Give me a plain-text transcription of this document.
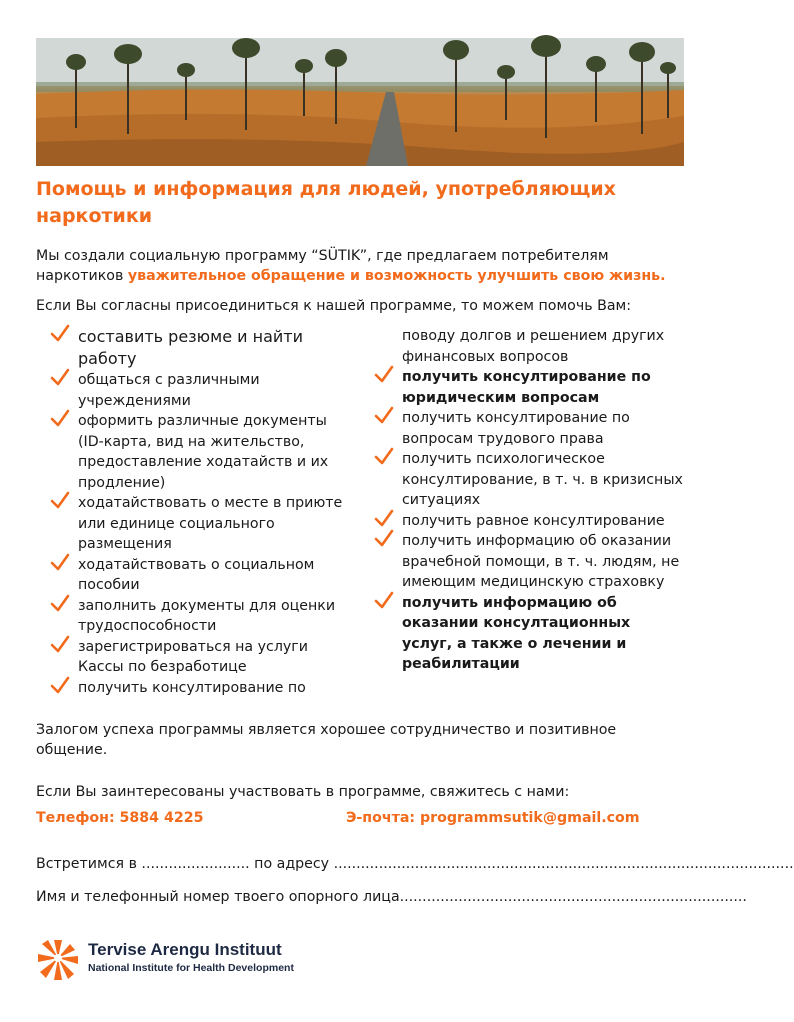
Помощь и информация для людей, употребляющих наркотики
Мы создали социальную программу “SÜTIK”, где предлагаем потребителям наркотиков уважительное обращение и возможность улучшить свою жизнь.
Если Вы согласны присоединиться к нашей программе, то можем помочь Вам:
составить резюме и найти работу
общаться с различными учреждениями
оформить различные документы (ID-карта, вид на жительство, предоставление ходатайств и их продление)
ходатайствовать о месте в приюте или единице социального размещения
ходатайствовать о социальном пособии
заполнить документы для оценки трудоспособности
зарегистрироваться на услуги Кассы по безработице
получить консултирование по
поводу долгов и решением других финансовых вопросов
получить консултирование по юридическим вопросам
получить консултирование по вопросам трудового права
получить психологическое консултирование, в т. ч. в кризисных ситуациях
получить равное консултирование
получить информацию об оказании врачебной помощи, в т. ч. людям, не имеющим медицинскую страховку
получить информацию об оказании консултационных услуг, а также о лечении и реабилитации
Залогом успеха программы является хорошее сотрудничество и позитивное общение.
Если Вы заинтересованы участвовать в программе, свяжитесь с нами:
Телефон: 5884 4225	Э-почта: programmsutik@gmail.com
Встретимся в ........................ по адресу ......................................................................................................
Имя и телефонный номер твоего опорного лица.............................................................................
Tervise Arengu Instituut
National Institute for Health Development
